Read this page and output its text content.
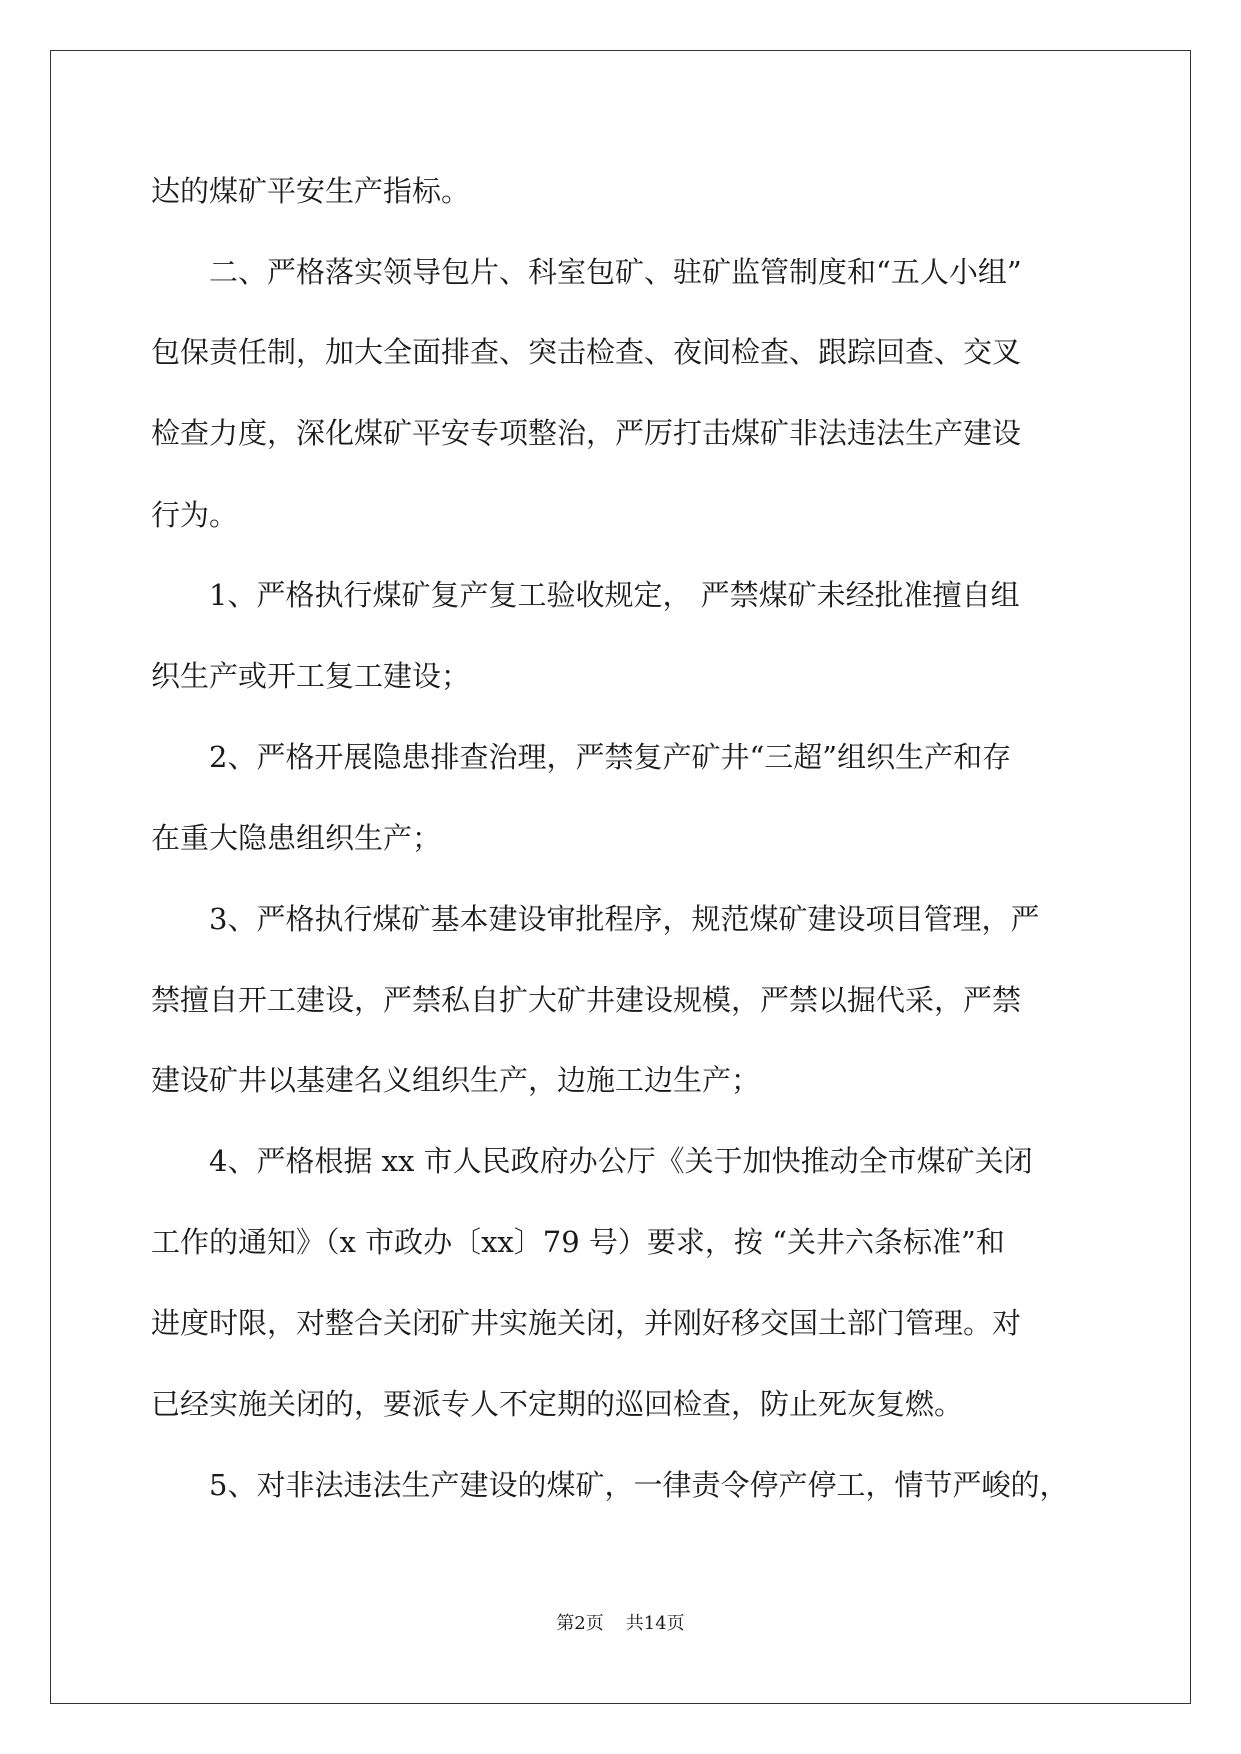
达的煤矿平安生产指标。
　　二、严格落实领导包片、科室包矿、驻矿监管制度和“五人小组”
包保责任制，加大全面排查、突击检查、夜间检查、跟踪回查、交叉
检查力度，深化煤矿平安专项整治，严厉打击煤矿非法违法生产建设
行为。
　　1、严格执行煤矿复产复工验收规定， 严禁煤矿未经批准擅自组
织生产或开工复工建设；
　　2、严格开展隐患排查治理，严禁复产矿井“三超”组织生产和存
在重大隐患组织生产；
　　3、严格执行煤矿基本建设审批程序，规范煤矿建设项目管理，严
禁擅自开工建设，严禁私自扩大矿井建设规模，严禁以掘代采，严禁
建设矿井以基建名义组织生产，边施工边生产；
　　4、严格根据 xx 市人民政府办公厅《关于加快推动全市煤矿关闭
工作的通知》（x 市政办〔xx〕79 号）要求，按 “关井六条标准”和
进度时限，对整合关闭矿井实施关闭，并刚好移交国土部门管理。对
已经实施关闭的，要派专人不定期的巡回检查，防止死灰复燃。
　　5、对非法违法生产建设的煤矿，一律责令停产停工，情节严峻的，
第2页 共14页
